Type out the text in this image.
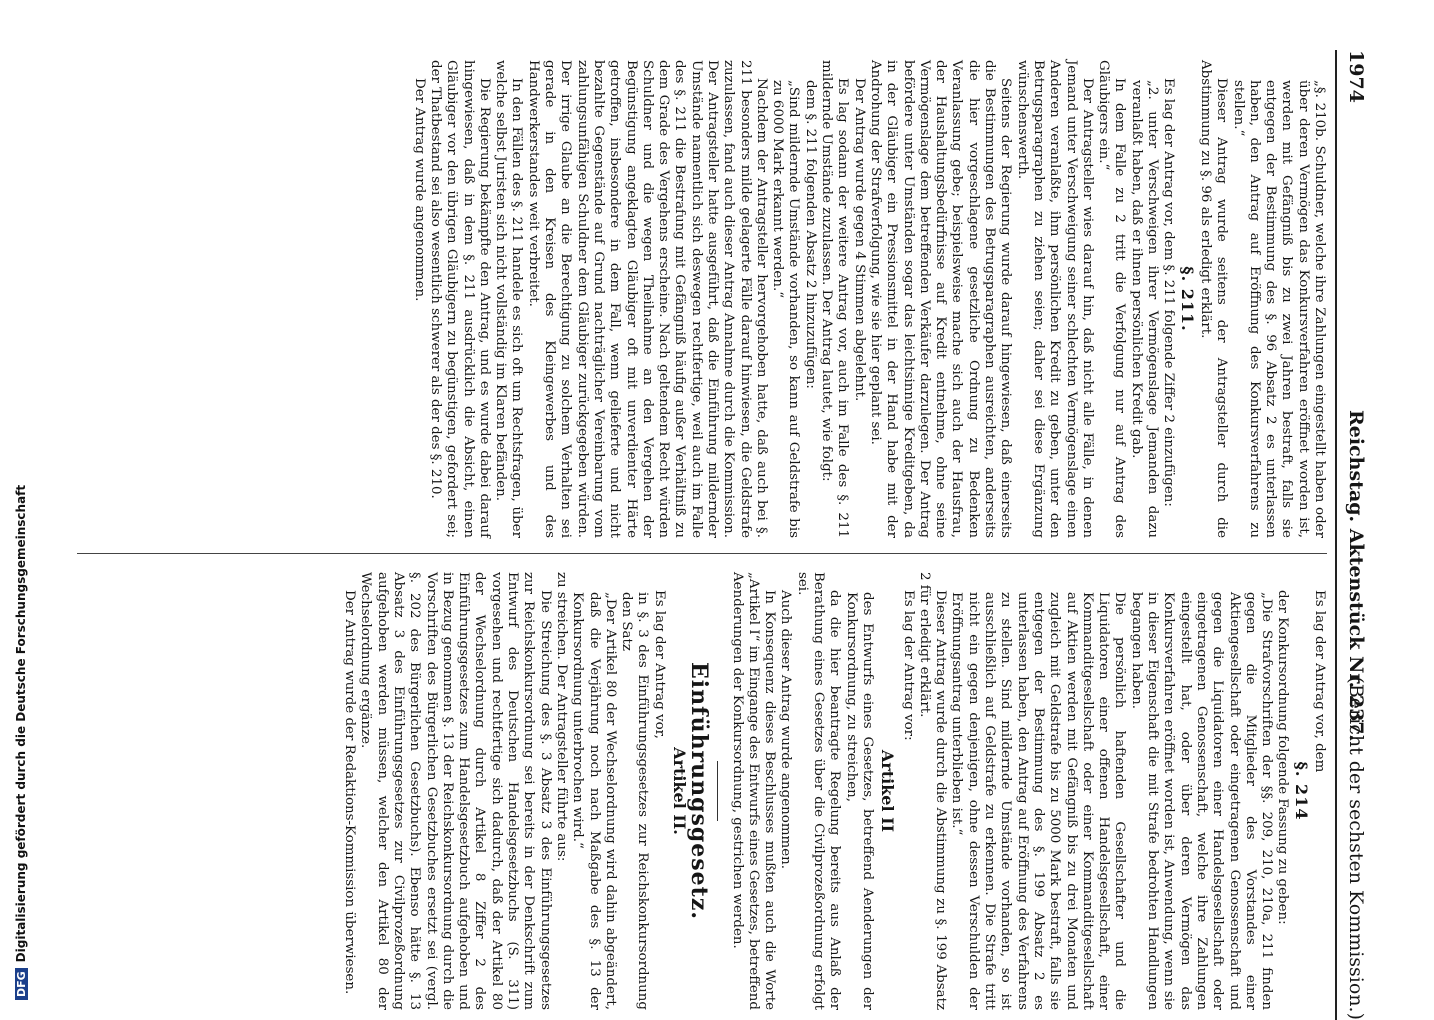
1974
Reichstag. Aktenstück Nr. 237.
(Bericht der sechsten Kommission.)

„§. 210b. Schuldner, welche ihre Zahlungen eingestellt haben oder über deren Vermögen das Konkursverfahren eröffnet worden ist, werden mit Gefängniß bis zu zwei Jahren bestraft, falls sie entgegen der Bestimmung des §. 96 Absatz 2 es unterlassen haben, den Antrag auf Eröffnung des Konkursverfahrens zu stellen.“

Dieser Antrag wurde seitens der Antragsteller durch die Abstimmung zu §. 96 als erledigt erklärt.

§. 211.

Es lag der Antrag vor, dem §. 211 folgende Ziffer 2 einzufügen:

„2. unter Verschweigen ihrer Vermögenslage Jemanden dazu veranlaßt haben, daß er ihnen persönlichen Kredit gab.

In dem Falle zu 2 tritt die Verfolgung nur auf Antrag des Gläubigers ein.“

Der Antragsteller wies darauf hin, daß nicht alle Fälle, in denen Jemand unter Verschweigung seiner schlechten Vermögenslage einen Anderen veranlaßte, ihm persönlichen Kredit zu geben, unter den Betrugsparagraphen zu ziehen seien; daher sei diese Ergänzung wünschenswerth.

Seitens der Regierung wurde darauf hingewiesen, daß einerseits die Bestimmungen des Betrugsparagraphen ausreichten, anderseits die hier vorgeschlagene gesetzliche Ordnung zu Bedenken Veranlassung gebe; beispielsweise mache sich auch der Hausfrau, der Haushaltungsbedürfnisse auf Kredit entnehme, ohne seine Vermögenslage dem betreffenden Verkäufer darzulegen. Der Antrag befördere unter Umständen sogar das leichtsinnige Kreditgeben, da in der Gläubiger ein Pressionsmittel in der Hand habe mit der Androhung der Strafverfolgung, wie sie hier geplant sei.

Der Antrag wurde gegen 4 Stimmen abgelehnt.

Es lag sodann der weitere Antrag vor, auch im Falle des §. 211 mildernde Umstände zuzulassen. Der Antrag lautet, wie folgt:

dem §. 211 folgenden Absatz 2 hinzuzufügen:

„Sind mildernde Umstände vorhanden, so kann auf Geldstrafe bis zu 6000 Mark erkannt werden.“

Nachdem der Antragsteller hervorgehoben hatte, daß auch bei §. 211 besonders milde gelagerte Fälle darauf hinwiesen, die Geldstrafe zuzulassen, fand auch dieser Antrag Annahme durch die Kommission. Der Antragsteller hatte ausgeführt, daß die Einführung mildernder Umstände namentlich sich deswegen rechtfertige, weil auch im Falle des §. 211 die Bestrafung mit Gefängniß häufig außer Verhältniß zu dem Grade des Vergehens erscheine. Nach geltendem Recht würden Schuldner und die wegen Theilnahme an den Vergehen der Begünstigung angeklagten Gläubiger oft mit unverdienter Härte getroffen, insbesondere in dem Fall, wenn gelieferte und nicht bezahlte Gegenstände auf Grund nachträglicher Vereinbarung vom zahlungsunfähigen Schuldner dem Gläubiger zurückgegeben würden. Der irrige Glaube an die Berechtigung zu solchem Verhalten sei gerade in den Kreisen des Kleingewerbes und des Handwerkerstandes weit verbreitet.

In den Fällen des §. 211 handele es sich oft um Rechtsfragen, über welche selbst Juristen sich nicht vollständig im Klaren befänden.

Die Regierung bekämpfte den Antrag, und es wurde dabei darauf hingewiesen, daß in dem §. 211 ausdrücklich die Absicht, einen Gläubiger vor den übrigen Gläubigern zu begünstigen, gefordert sei; der Thatbestand sei also wesentlich schwerer als der des §. 210.

Der Antrag wurde angenommen.

Es lag der Antrag vor, dem

§. 214

der Konkursordnung folgende Fassung zu geben:

„Die Strafvorschriften der §§. 209, 210, 210a, 211 finden gegen die Mitglieder des Vorstandes einer Aktiengesellschaft oder eingetragenen Genossenschaft und gegen die Liquidatoren einer Handelsgesellschaft oder eingetragenen Genossenschaft, welche ihre Zahlungen eingestellt hat, oder über deren Vermögen das Konkursverfahren eröffnet worden ist, Anwendung, wenn sie in dieser Eigenschaft die mit Strafe bedrohten Handlungen begangen haben.

Die persönlich haftenden Gesellschafter und die Liquidatoren einer offenen Handelsgesellschaft, einer Kommanditgesellschaft oder einer Kommanditgesellschaft auf Aktien werden mit Gefängniß bis zu drei Monaten und zugleich mit Geldstrafe bis zu 5000 Mark bestraft, falls sie entgegen der Bestimmung des §. 199 Absatz 2 es unterlassen haben, den Antrag auf Eröffnung des Verfahrens zu stellen. Sind mildernde Umstände vorhanden, so ist ausschließlich auf Geldstrafe zu erkennen. Die Strafe tritt nicht ein gegen denjenigen, ohne dessen Verschulden der Eröffnungsantrag unterblieben ist.“

Dieser Antrag wurde durch die Abstimmung zu §. 199 Absatz 2 für erledigt erklärt.

Es lag der Antrag vor:

Artikel II

des Entwurfs eines Gesetzes, betreffend Aenderungen der Konkursordnung, zu streichen,

da die hier beantragte Regelung bereits aus Anlaß der Berathung eines Gesetzes über die Civilprozeßordnung erfolgt sei.

Auch dieser Antrag wurde angenommen.

In Konsequenz dieses Beschlusses mußten auch die Worte „Artikel I“ im Eingange des Entwurfs eines Gesetzes, betreffend Aenderungen der Konkursordnung, gestrichen werden.

Einführungsgesetz.
Artikel II.

Es lag der Antrag vor,

in §. 3 des Einführungsgesetzes zur Reichskonkursordnung den Satz

„Der Artikel 80 der Wechselordnung wird dahin abgeändert, daß die Verjährung noch nach Maßgabe des §. 13 der Konkursordnung unterbrochen wird.“

zu streichen. Der Antragsteller führte aus:

Die Streichung des §. 3 Absatz 3 des Einführungsgesetzes zur Reichskonkursordnung sei bereits in der Denkschrift zum Entwurf des Deutschen Handelsgesetzbuchs (S. 311) vorgesehen und rechtfertige sich dadurch, daß der Artikel 80 der Wechselordnung durch Artikel 8 Ziffer 2 des Einführungsgesetzes zum Handelsgesetzbuch aufgehoben und in Bezug genommen §. 13 der Reichskonkursordnung durch die Vorschriften des Bürgerlichen Gesetzbuches ersetzt sei (vergl. §. 202 des Bürgerlichen Gesetzbuchs). Ebenso hätte §. 13 Absatz 3 des Einführungsgesetzes zur Civilprozeßordnung aufgehoben werden müssen, welcher den Artikel 80 der Wechselordnung ergänze.

Der Antrag wurde der Redaktions-Kommission überwiesen.

DFGDigitalisierung gefördert durch die Deutsche Forschungsgemeinschaft
